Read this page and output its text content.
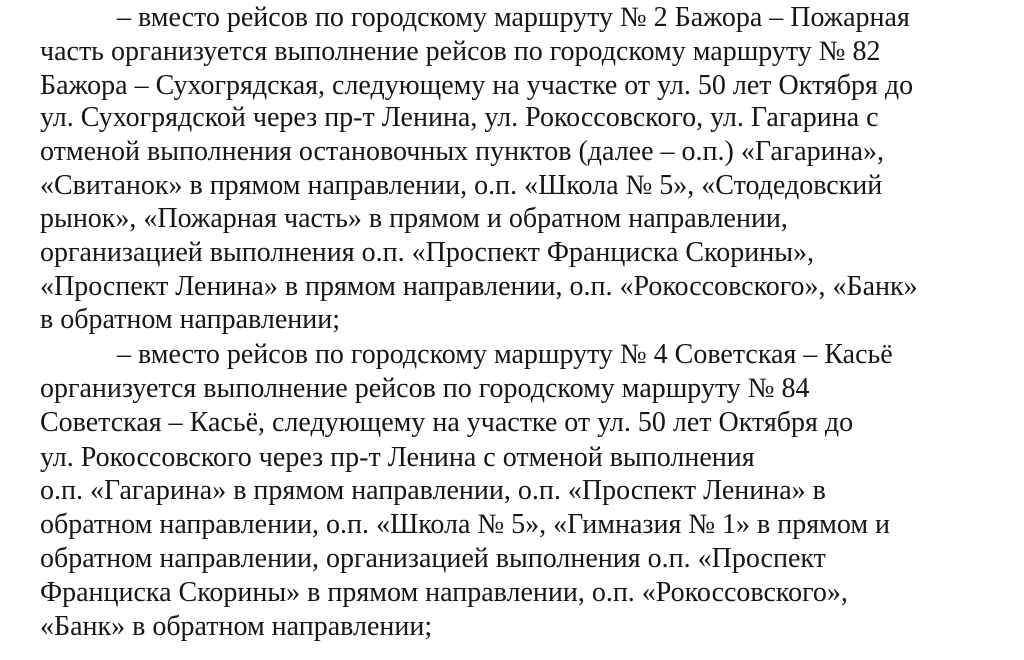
– вместо рейсов по городскому маршруту № 2 Бажора – Пожарная
часть организуется выполнение рейсов по городскому маршруту № 82
Бажора – Сухогрядская, следующему на участке от ул. 50 лет Октября до
ул. Сухогрядской через пр-т Ленина, ул. Рокоссовского, ул. Гагарина с
отменой выполнения остановочных пунктов (далее – о.п.) «Гагарина»,
«Свитанок» в прямом направлении, о.п. «Школа № 5», «Стодедовский
рынок», «Пожарная часть» в прямом и обратном направлении,
организацией выполнения о.п. «Проспект Франциска Скорины»,
«Проспект Ленина» в прямом направлении, о.п. «Рокоссовского», «Банк»
в обратном направлении;
– вместо рейсов по городскому маршруту № 4 Советская – Касьё
организуется выполнение рейсов по городскому маршруту № 84
Советская – Касьё, следующему на участке от ул. 50 лет Октября до
ул. Рокоссовского через пр-т Ленина с отменой выполнения
о.п. «Гагарина» в прямом направлении, о.п. «Проспект Ленина» в
обратном направлении, о.п. «Школа № 5», «Гимназия № 1» в прямом и
обратном направлении, организацией выполнения о.п. «Проспект
Франциска Скорины» в прямом направлении, о.п. «Рокоссовского»,
«Банк» в обратном направлении;
